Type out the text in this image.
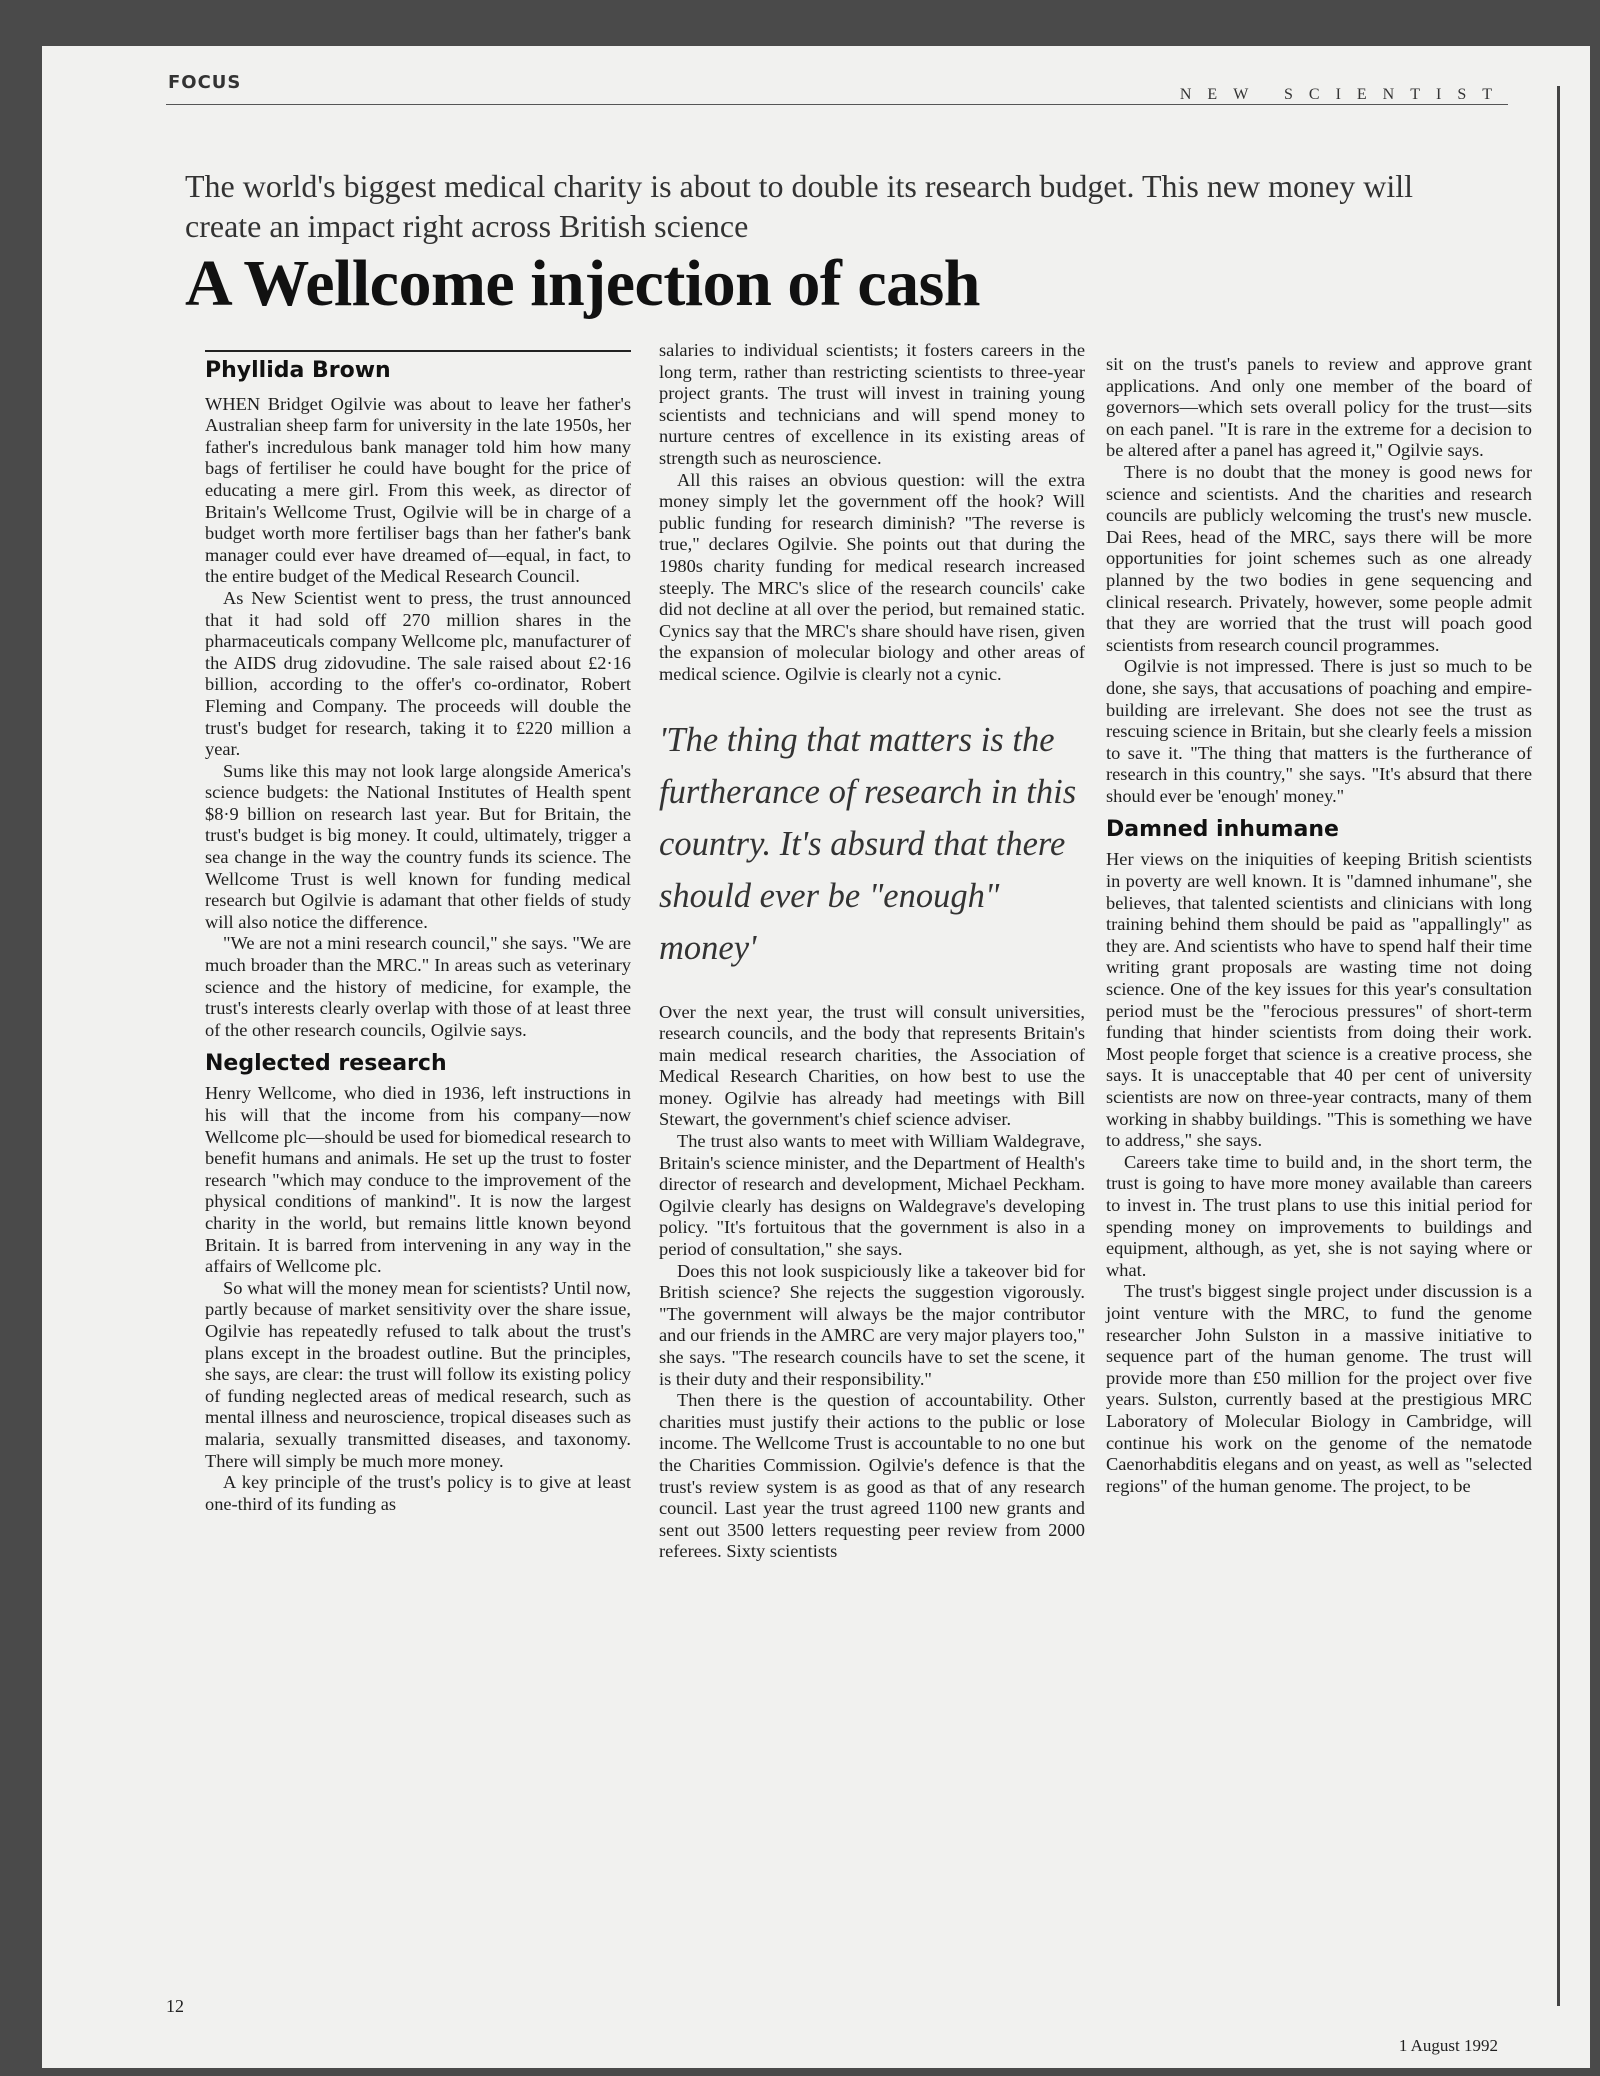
FOCUS
NEW SCIENTIST
The world's biggest medical charity is about to double its research budget. This new money will create an impact right across British science
A Wellcome injection of cash
Phyllida Brown

WHEN Bridget Ogilvie was about to leave her father's Australian sheep farm for university in the late 1950s, her father's incredulous bank manager told him how many bags of fertiliser he could have bought for the price of educating a mere girl. From this week, as director of Britain's Wellcome Trust, Ogilvie will be in charge of a budget worth more fertiliser bags than her father's bank manager could ever have dreamed of—equal, in fact, to the entire budget of the Medical Research Council.

As New Scientist went to press, the trust announced that it had sold off 270 million shares in the pharmaceuticals company Wellcome plc, manufacturer of the AIDS drug zidovudine. The sale raised about £2·16 billion, according to the offer's co-ordinator, Robert Fleming and Company. The proceeds will double the trust's budget for research, taking it to £220 million a year.

Sums like this may not look large alongside America's science budgets: the National Institutes of Health spent $8·9 billion on research last year. But for Britain, the trust's budget is big money. It could, ultimately, trigger a sea change in the way the country funds its science. The Wellcome Trust is well known for funding medical research but Ogilvie is adamant that other fields of study will also notice the difference.

"We are not a mini research council," she says. "We are much broader than the MRC." In areas such as veterinary science and the history of medicine, for example, the trust's interests clearly overlap with those of at least three of the other research councils, Ogilvie says.

Neglected research

Henry Wellcome, who died in 1936, left instructions in his will that the income from his company—now Wellcome plc—should be used for biomedical research to benefit humans and animals. He set up the trust to foster research "which may conduce to the improvement of the physical conditions of mankind". It is now the largest charity in the world, but remains little known beyond Britain. It is barred from intervening in any way in the affairs of Wellcome plc.

So what will the money mean for scientists? Until now, partly because of market sensitivity over the share issue, Ogilvie has repeatedly refused to talk about the trust's plans except in the broadest outline. But the principles, she says, are clear: the trust will follow its existing policy of funding neglected areas of medical research, such as mental illness and neuroscience, tropical diseases such as malaria, sexually transmitted diseases, and taxonomy. There will simply be much more money.

A key principle of the trust's policy is to give at least one-third of its funding as

salaries to individual scientists; it fosters careers in the long term, rather than restricting scientists to three-year project grants. The trust will invest in training young scientists and technicians and will spend money to nurture centres of excellence in its existing areas of strength such as neuroscience.

All this raises an obvious question: will the extra money simply let the government off the hook? Will public funding for research diminish? "The reverse is true," declares Ogilvie. She points out that during the 1980s charity funding for medical research increased steeply. The MRC's slice of the research councils' cake did not decline at all over the period, but remained static. Cynics say that the MRC's share should have risen, given the expansion of molecular biology and other areas of medical science. Ogilvie is clearly not a cynic.

'The thing that matters is the furtherance of research in this country. It's absurd that there should ever be "enough" money'

Over the next year, the trust will consult universities, research councils, and the body that represents Britain's main medical research charities, the Association of Medical Research Charities, on how best to use the money. Ogilvie has already had meetings with Bill Stewart, the government's chief science adviser.

The trust also wants to meet with William Waldegrave, Britain's science minister, and the Department of Health's director of research and development, Michael Peckham. Ogilvie clearly has designs on Waldegrave's developing policy. "It's fortuitous that the government is also in a period of consultation," she says.

Does this not look suspiciously like a takeover bid for British science? She rejects the suggestion vigorously. "The government will always be the major contributor and our friends in the AMRC are very major players too," she says. "The research councils have to set the scene, it is their duty and their responsibility."

Then there is the question of accountability. Other charities must justify their actions to the public or lose income. The Wellcome Trust is accountable to no one but the Charities Commission. Ogilvie's defence is that the trust's review system is as good as that of any research council. Last year the trust agreed 1100 new grants and sent out 3500 letters requesting peer review from 2000 referees. Sixty scientists

sit on the trust's panels to review and approve grant applications. And only one member of the board of governors—which sets overall policy for the trust—sits on each panel. "It is rare in the extreme for a decision to be altered after a panel has agreed it," Ogilvie says.

There is no doubt that the money is good news for science and scientists. And the charities and research councils are publicly welcoming the trust's new muscle. Dai Rees, head of the MRC, says there will be more opportunities for joint schemes such as one already planned by the two bodies in gene sequencing and clinical research. Privately, however, some people admit that they are worried that the trust will poach good scientists from research council programmes.

Ogilvie is not impressed. There is just so much to be done, she says, that accusations of poaching and empire-building are irrelevant. She does not see the trust as rescuing science in Britain, but she clearly feels a mission to save it. "The thing that matters is the furtherance of research in this country," she says. "It's absurd that there should ever be 'enough' money."

Damned inhumane

Her views on the iniquities of keeping British scientists in poverty are well known. It is "damned inhumane", she believes, that talented scientists and clinicians with long training behind them should be paid as "appallingly" as they are. And scientists who have to spend half their time writing grant proposals are wasting time not doing science. One of the key issues for this year's consultation period must be the "ferocious pressures" of short-term funding that hinder scientists from doing their work. Most people forget that science is a creative process, she says. It is unacceptable that 40 per cent of university scientists are now on three-year contracts, many of them working in shabby buildings. "This is something we have to address," she says.

Careers take time to build and, in the short term, the trust is going to have more money available than careers to invest in. The trust plans to use this initial period for spending money on improvements to buildings and equipment, although, as yet, she is not saying where or what.

The trust's biggest single project under discussion is a joint venture with the MRC, to fund the genome researcher John Sulston in a massive initiative to sequence part of the human genome. The trust will provide more than £50 million for the project over five years. Sulston, currently based at the prestigious MRC Laboratory of Molecular Biology in Cambridge, will continue his work on the genome of the nematode Caenorhabditis elegans and on yeast, as well as "selected regions" of the human genome. The project, to be

12
1 August 1992
